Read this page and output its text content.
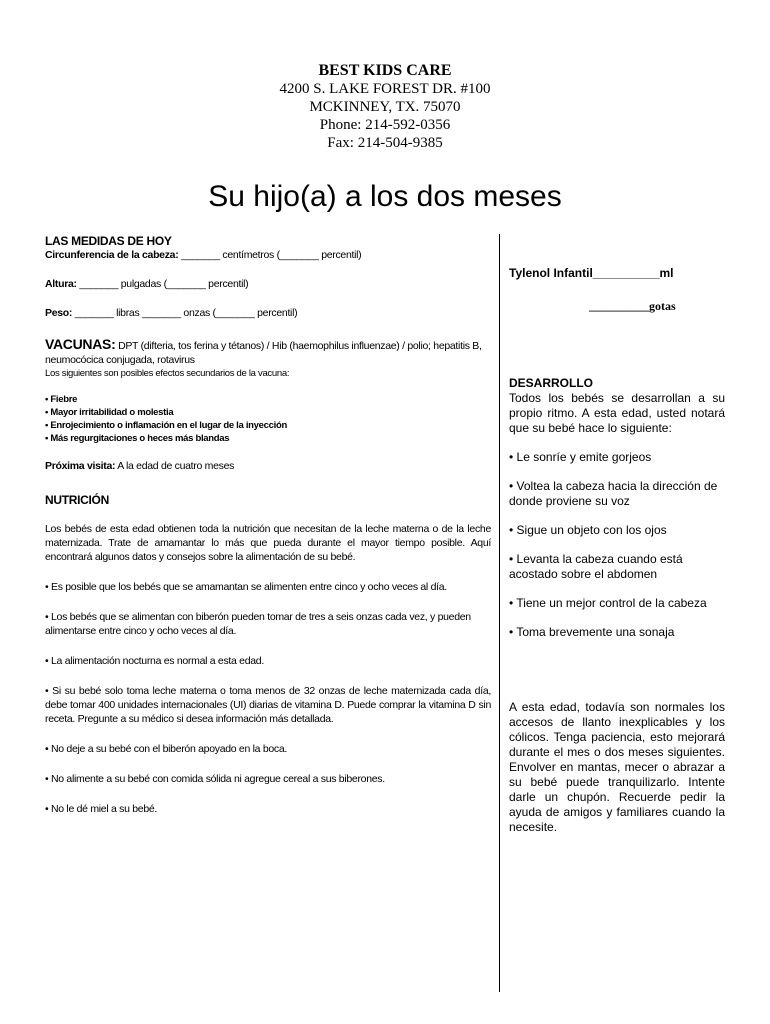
BEST KIDS CARE
4200 S. LAKE FOREST DR. #100
MCKINNEY, TX. 75070
Phone: 214-592-0356
Fax: 214-504-9385
Su hijo(a) a los dos meses

LAS MEDIDAS DE HOY

Circunferencia de la cabeza: _______ centímetros (_______ percentil)

Altura: _______ pulgadas (_______ percentil)

Peso: _______ libras _______ onzas (_______ percentil)

VACUNAS: DPT (difteria, tos ferina y tétanos) / Hib (haemophilus influenzae) / polio; hepatitis B, neumocócica conjugada, rotavirus

Los siguientes son posibles efectos secundarios de la vacuna:

• Fiebre
• Mayor irritabilidad o molestia
• Enrojecimiento o inflamación en el lugar de la inyección
• Más regurgitaciones o heces más blandas

Próxima visita: A la edad de cuatro meses

NUTRICIÓN

Los bebés de esta edad obtienen toda la nutrición que necesitan de la leche materna o de la leche maternizada. Trate de amamantar lo más que pueda durante el mayor tiempo posible. Aquí encontrará algunos datos y consejos sobre la alimentación de su bebé.

• Es posible que los bebés que se amamantan se alimenten entre cinco y ocho veces al día.

• Los bebés que se alimentan con biberón pueden tomar de tres a seis onzas cada vez, y pueden alimentarse entre cinco y ocho veces al día.

• La alimentación nocturna es normal a esta edad.

• Si su bebé solo toma leche materna o toma menos de 32 onzas de leche maternizada cada día, debe tomar 400 unidades internacionales (UI) diarias de vitamina D. Puede comprar la vitamina D sin receta. Pregunte a su médico si desea información más detallada.

• No deje a su bebé con el biberón apoyado en la boca.

• No alimente a su bebé con comida sólida ni agregue cereal a sus biberones.

• No le dé miel a su bebé.

Tylenol Infantil__________ml

__________gotas

DESARROLLO

Todos los bebés se desarrollan a su propio ritmo. A esta edad, usted notará que su bebé hace lo siguiente:

• Le sonríe y emite gorjeos

• Voltea la cabeza hacia la dirección de donde proviene su voz

• Sigue un objeto con los ojos

• Levanta la cabeza cuando está acostado sobre el abdomen

• Tiene un mejor control de la cabeza

• Toma brevemente una sonaja

A esta edad, todavía son normales los accesos de llanto inexplicables y los cólicos. Tenga paciencia, esto mejorará durante el mes o dos meses siguientes. Envolver en mantas, mecer o abrazar a su bebé puede tranquilizarlo. Intente darle un chupón. Recuerde pedir la ayuda de amigos y familiares cuando la necesite.
